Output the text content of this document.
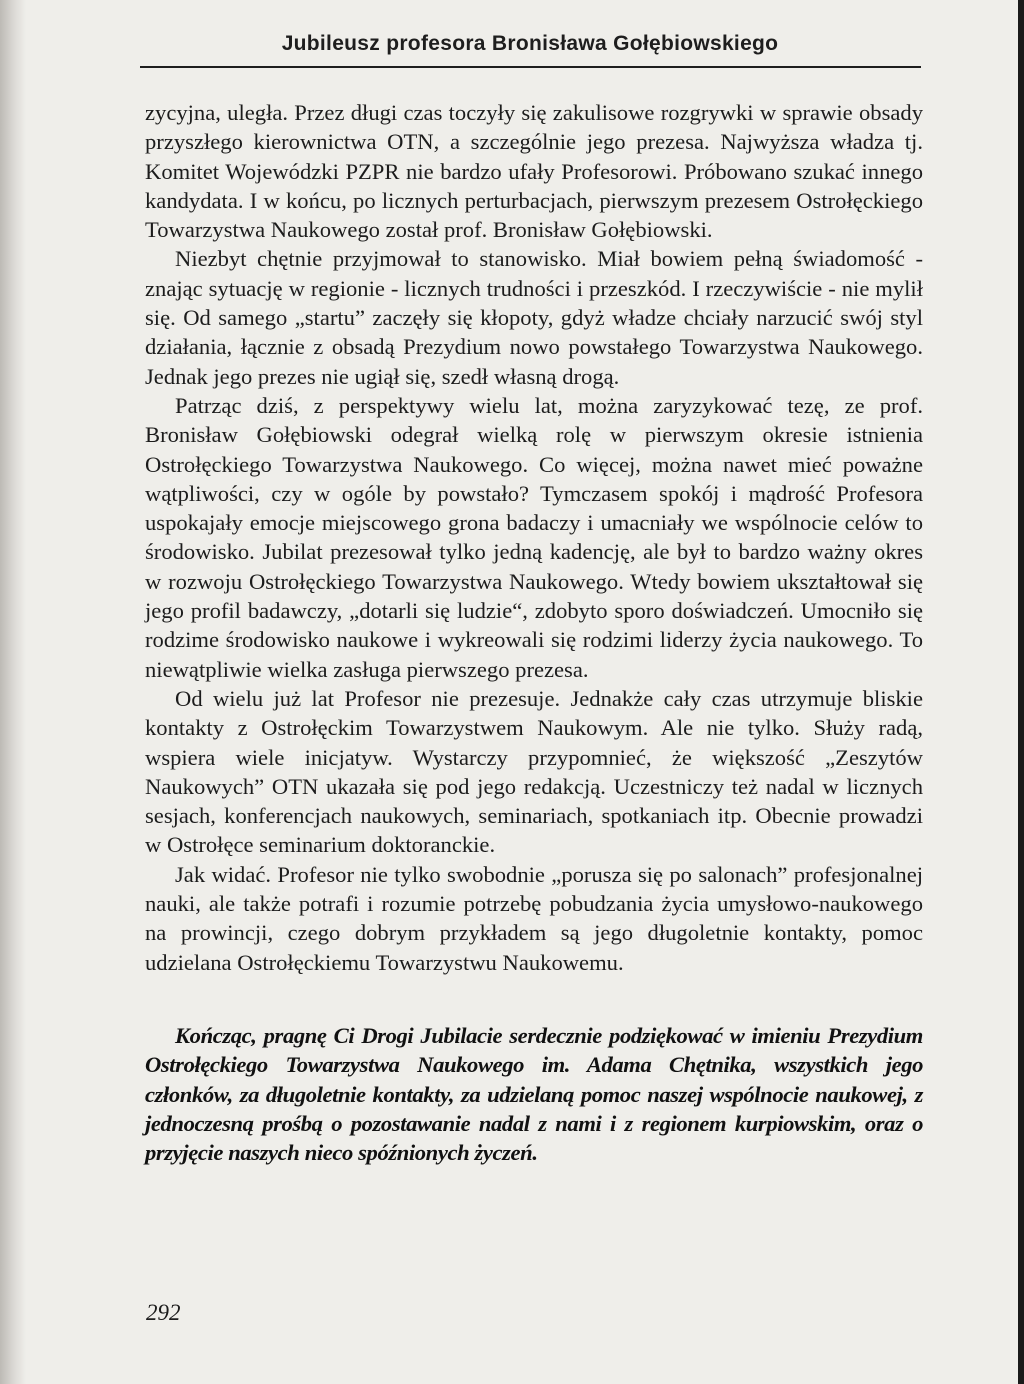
Jubileusz profesora Bronisława Gołębiowskiego

zycyjna, uległa. Przez długi czas toczyły się zakulisowe rozgrywki w sprawie obsady przyszłego kierownictwa OTN, a szczególnie jego prezesa. Najwyższa władza tj. Komitet Wojewódzki PZPR nie bardzo ufały Profesorowi. Próbowano szukać innego kandydata. I w końcu, po licznych perturbacjach, pierwszym prezesem Ostrołęckiego Towarzystwa Naukowego został prof. Bronisław Gołębiowski.

Niezbyt chętnie przyjmował to stanowisko. Miał bowiem pełną świadomość - znając sytuację w regionie - licznych trudności i przeszkód. I rzeczywiście - nie mylił się. Od samego „startu” zaczęły się kłopoty, gdyż władze chciały narzucić swój styl działania, łącznie z obsadą Prezydium nowo powstałego Towarzystwa Naukowego. Jednak jego prezes nie ugiął się, szedł własną drogą.

Patrząc dziś, z perspektywy wielu lat, można zaryzykować tezę, ze prof. Bronisław Gołębiowski odegrał wielką rolę w pierwszym okresie istnienia Ostrołęckiego Towarzystwa Naukowego. Co więcej, można nawet mieć poważne wątpliwości, czy w ogóle by powstało? Tymczasem spokój i mądrość Profesora uspokajały emocje miejscowego grona badaczy i umacniały we wspólnocie celów to środowisko. Jubilat prezesował tylko jedną kadencję, ale był to bardzo ważny okres w rozwoju Ostrołęckiego Towarzystwa Naukowego. Wtedy bowiem ukształtował się jego profil badawczy, „dotarli się ludzie“, zdobyto sporo doświadczeń. Umocniło się rodzime środowisko naukowe i wykreowali się rodzimi liderzy życia naukowego. To niewątpliwie wielka zasługa pierwszego prezesa.

Od wielu już lat Profesor nie prezesuje. Jednakże cały czas utrzymuje bliskie kontakty z Ostrołęckim Towarzystwem Naukowym. Ale nie tylko. Służy radą, wspiera wiele inicjatyw. Wystarczy przypomnieć, że większość „Zeszytów Naukowych” OTN ukazała się pod jego redakcją. Uczestniczy też nadal w licznych sesjach, konferencjach naukowych, seminariach, spotkaniach itp. Obecnie prowadzi w Ostrołęce seminarium doktoranckie.

Jak widać. Profesor nie tylko swobodnie „porusza się po salonach” profesjonalnej nauki, ale także potrafi i rozumie potrzebę pobudzania życia umysłowo-naukowego na prowincji, czego dobrym przykładem są jego długoletnie kontakty, pomoc udzielana Ostrołęckiemu Towarzystwu Naukowemu.

Kończąc, pragnę Ci Drogi Jubilacie serdecznie podziękować w imieniu Prezydium Ostrołęckiego Towarzystwa Naukowego im. Adama Chętnika, wszystkich jego członków, za długoletnie kontakty, za udzielaną pomoc naszej wspólnocie naukowej, z jednoczesną prośbą o pozostawanie nadal z nami i z regionem kurpiowskim, oraz o przyjęcie naszych nieco spóźnionych życzeń.

292
